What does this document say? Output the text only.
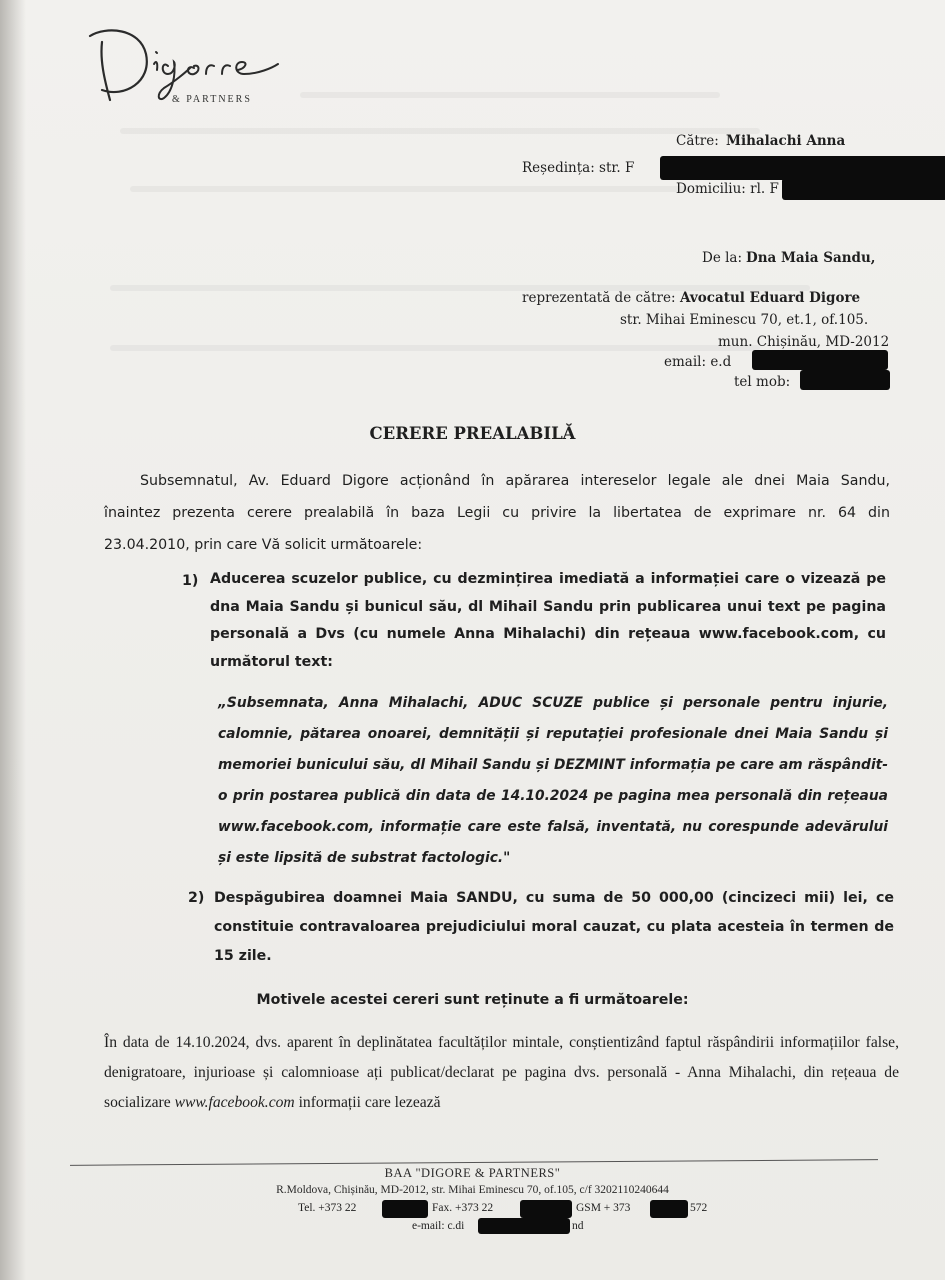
& PARTNERS
Către: Mihalachi Anna
Reședința: str. F
Domiciliu: rl. F
De la: Dna Maia Sandu,
reprezentată de către: Avocatul Eduard Digore
str. Mihai Eminescu 70, et.1, of.105.
mun. Chișinău, MD-2012
email: e.d
tel mob:
CERERE PREALABILĂ
Subsemnatul, Av. Eduard Digore acționând în apărarea intereselor legale ale dnei Maia Sandu,
înaintez prezenta cerere prealabilă în baza Legii cu privire la libertatea de exprimare nr. 64 din
23.04.2010, prin care Vă solicit următoarele:
1) Aducerea scuzelor publice, cu dezmințirea imediată a informației care o vizează pe dna Maia Sandu și bunicul său, dl Mihail Sandu prin publicarea unui text pe pagina personală a Dvs (cu numele Anna Mihalachi) din rețeaua www.facebook.com, cu următorul text:
„Subsemnata, Anna Mihalachi, ADUC SCUZE publice și personale pentru injurie, calomnie, pătarea onoarei, demnității și reputației profesionale dnei Maia Sandu și memoriei bunicului său, dl Mihail Sandu și DEZMINT informația pe care am răspândit-o prin postarea publică din data de 14.10.2024 pe pagina mea personală din rețeaua www.facebook.com, informație care este falsă, inventată, nu corespunde adevărului și este lipsită de substrat factologic."
2) Despăgubirea doamnei Maia SANDU, cu suma de 50 000,00 (cincizeci mii) lei, ce constituie contravaloarea prejudiciului moral cauzat, cu plata acesteia în termen de 15 zile.
Motivele acestei cereri sunt reținute a fi următoarele:
În data de 14.10.2024, dvs. aparent în deplinătatea facultăților mintale, conștientizând faptul răspândirii informațiilor false, denigratoare, injurioase și calomnioase ați publicat/declarat pe pagina dvs. personală - Anna Mihalachi, din rețeaua de socializare www.facebook.com informații care lezează
BAA "DIGORE & PARTNERS"
R.Moldova, Chișinău, MD-2012, str. Mihai Eminescu 70, of.105, c/f 3202110240644
Tel. +373 22	Fax. +373 22	GSM + 373	572
e-mail: c.di	nd
